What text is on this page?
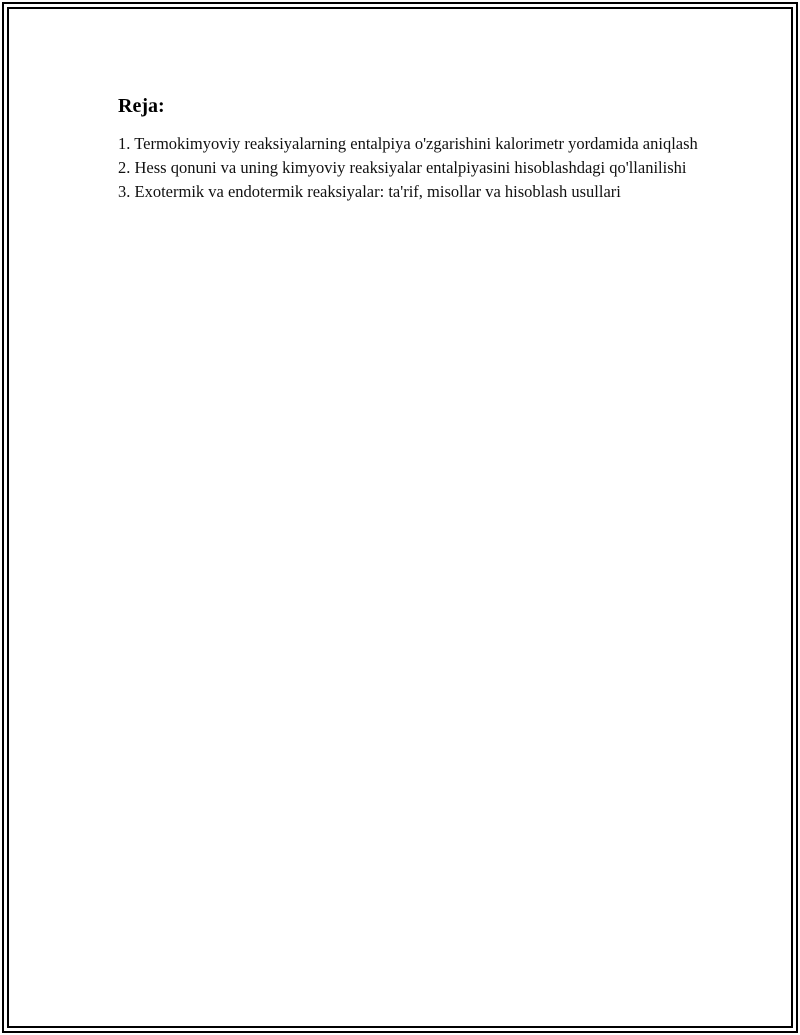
Reja:
1. Termokimyoviy reaksiyalarning entalpiya o'zgarishini kalorimetr yordamida aniqlash
2. Hess qonuni va uning kimyoviy reaksiyalar entalpiyasini hisoblashdagi qo'llanilishi
3. Exotermik va endotermik reaksiyalar: ta'rif, misollar va hisoblash usullari
